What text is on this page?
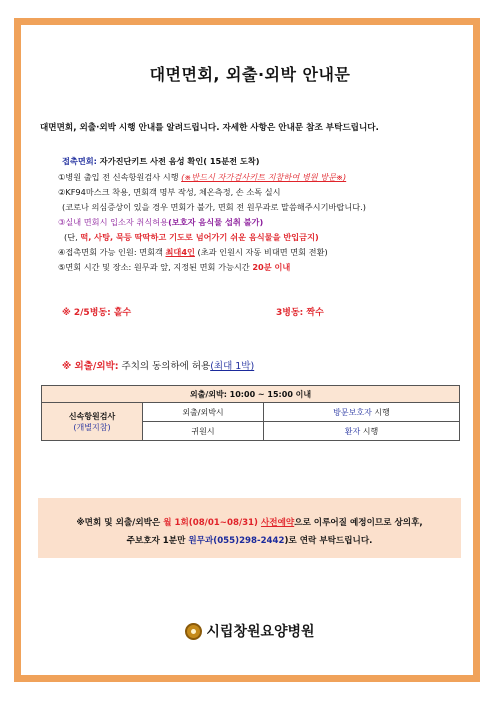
대면면회, 외출·외박 안내문
대면면회, 외출·외박 시행 안내를 알려드립니다. 자세한 사항은 안내문 참조 부탁드립니다.
접촉면회: 자가진단키트 사전 음성 확인( 15분전 도착)
①병원 출입 전 신속항원검사 시행 (※반드시 자가검사키트 지참하여 병원 방문※)
②KF94마스크 착용, 면회객 명부 작성, 체온측정, 손 소독 실시
(코로나 의심증상이 있을 경우 면회가 불가, 면회 전 원무과로 말씀해주시기바랍니다.)
③실내 면회시 입소자 취식허용(보호자 음식물 섭취 불가)
(단, 떡, 사탕, 묵등 딱딱하고 기도로 넘어가기 쉬운 음식물을 반입금지)
④접촉면회 가능 인원: 면회객 최대4인 (초과 인원시 자동 비대면 면회 전환)
⑤면회 시간 및 장소: 원무과 앞, 지정된 면회 가능시간 20분 이내
※ 2/5병동: 홀수	3병동: 짝수
※ 외출/외박: 주치의 동의하에 허용(최대 1박)
외출/외박: 10:00 ~ 15:00 이내		

신속항원검사
(개별지참)	외출/외박시	방문보호자 시행
	귀원시	환자 시행
※면회 및 외출/외박은 월 1회(08/01~08/31) 사전예약으로 이루어질 예정이므로 상의후,
주보호자 1분만 원무과(055)298-2442)로 연락 부탁드립니다.
시립창원요양병원
